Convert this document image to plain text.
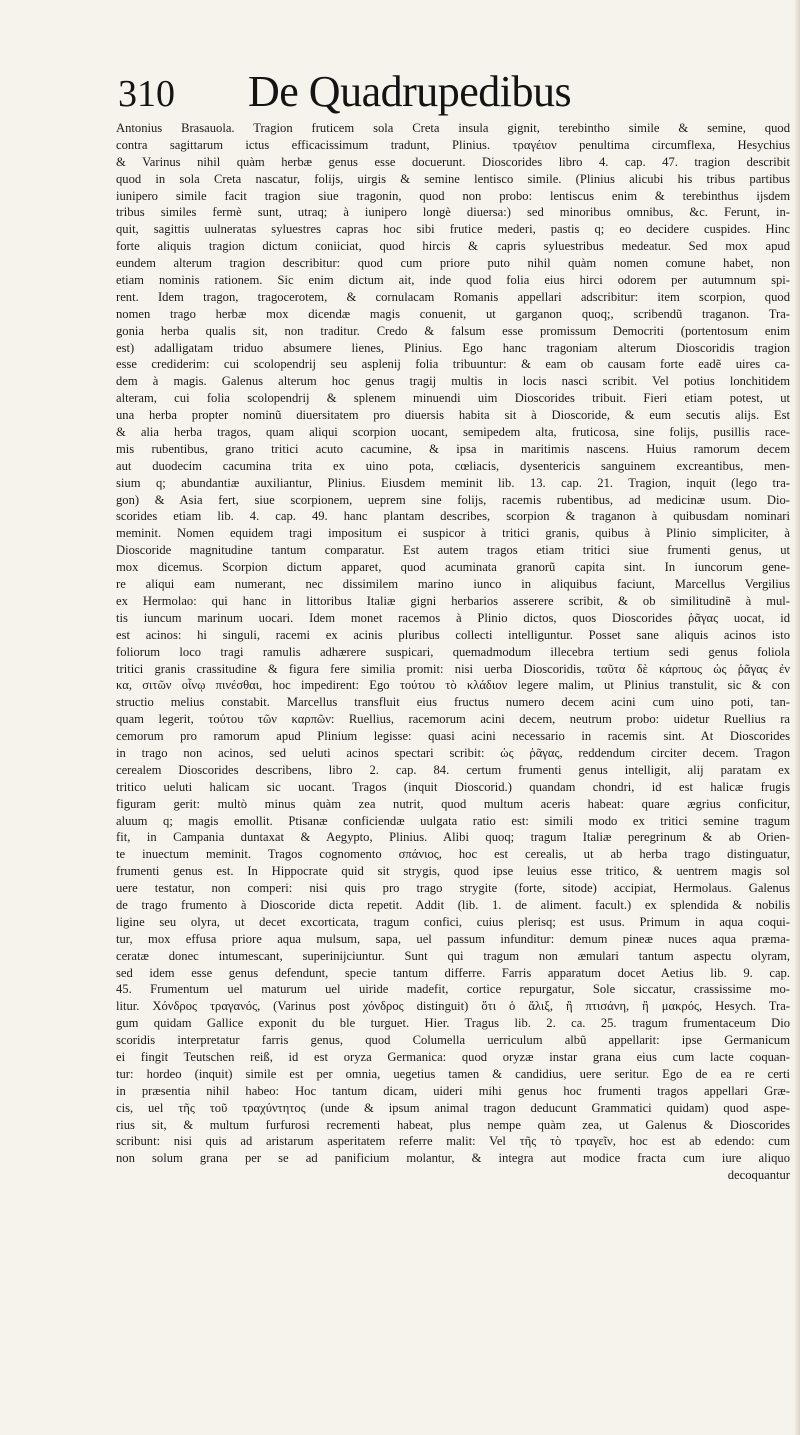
310	De Quadrupedibus
Antonius Brasauola. Tragion fruticem sola Creta insula gignit, terebintho simile & semine, quod
contra sagittarum ictus efficacissimum tradunt, Plinius. τραγέιον penultima circumflexa, Hesychius
& Varinus nihil quàm herbæ genus esse docuerunt. Dioscorides libro 4. cap. 47. tragion describit
quod in sola Creta nascatur, folijs, uirgis & semine lentisco simile. (Plinius alicubi his tribus partibus
iunipero simile facit tragion siue tragonin, quod non probo: lentiscus enim & terebinthus ijsdem
tribus similes fermè sunt, utraq; à iunipero longè diuersa:) sed minoribus omnibus, &c. Ferunt, in-
quit, sagittis uulneratas syluestres capras hoc sibi frutice mederi, pastis q; eo decidere cuspides. Hinc
forte aliquis tragion dictum coniiciat, quod hircis & capris syluestribus medeatur. Sed mox apud
eundem alterum tragion describitur: quod cum priore puto nihil quàm nomen comune habet, non
etiam nominis rationem. Sic enim dictum ait, inde quod folia eius hirci odorem per autumnum spi-
rent. Idem tragon, tragocerotem, & cornulacam Romanis appellari adscribitur: item scorpion, quod
nomen trago herbæ mox dicendæ magis conuenit, ut garganon quoq;, scribendũ traganon. Tra-
gonia herba qualis sit, non traditur. Credo & falsum esse promissum Democriti (portentosum enim
est) adalligatam triduo absumere lienes, Plinius. Ego hanc tragoniam alterum Dioscoridis tragion
esse crediderim: cui scolopendrij seu asplenij folia tribuuntur: & eam ob causam forte eadẽ uires ca-
dem à magis. Galenus alterum hoc genus tragij multis in locis nasci scribit. Vel potius lonchitidem
alteram, cui folia scolopendrij & splenem minuendi uim Dioscorides tribuit. Fieri etiam potest, ut
una herba propter nominũ diuersitatem pro diuersis habita sit à Dioscoride, & eum secutis alijs. Est
& alia herba tragos, quam aliqui scorpion uocant, semipedem alta, fruticosa, sine folijs, pusillis race-
mis rubentibus, grano tritici acuto cacumine, & ipsa in maritimis nascens. Huius ramorum decem
aut duodecim cacumina trita ex uino pota, cœliacis, dysentericis sanguinem excreantibus, men-
sium q; abundantiæ auxiliantur, Plinius. Eiusdem meminit lib. 13. cap. 21. Tragion, inquit (lego tra-
gon) & Asia fert, siue scorpionem, ueprem sine folijs, racemis rubentibus, ad medicinæ usum. Dio-
scorides etiam lib. 4. cap. 49. hanc plantam describes, scorpion & traganon à quibusdam nominari
meminit. Nomen equidem tragi impositum ei suspicor à tritici granis, quibus à Plinio simpliciter, à
Dioscoride magnitudine tantum comparatur. Est autem tragos etiam tritici siue frumenti genus, ut
mox dicemus. Scorpion dictum apparet, quod acuminata granorũ capita sint. In iuncorum gene-
re aliqui eam numerant, nec dissimilem marino iunco in aliquibus faciunt, Marcellus Vergilius
ex Hermolao: qui hanc in littoribus Italiæ gigni herbarios asserere scribit, & ob similitudinẽ à mul-
tis iuncum marinum uocari. Idem monet racemos à Plinio dictos, quos Dioscorides ῥᾶγας uocat, id
est acinos: hi singuli, racemi ex acinis pluribus collecti intelliguntur. Posset sane aliquis acinos isto
foliorum loco tragi ramulis adhærere suspicari, quemadmodum illecebra tertium sedi genus foliola
tritici granis crassitudine & figura fere similia promit: nisi uerba Dioscoridis, ταῦτα δὲ κάρπους ὡς ῥᾶγας ἐν
κα, σιτῶν οἶνῳ πινέσθαι, hoc impedirent: Ego τούτου τὸ κλάδιον legere malim, ut Plinius transtulit, sic & con
structio melius constabit. Marcellus transfluit eius fructus numero decem acini cum uino poti, tan-
quam legerit, τούτου τῶν καρπῶν: Ruellius, racemorum acini decem, neutrum probo: uidetur Ruellius ra
cemorum pro ramorum apud Plinium legisse: quasi acini necessario in racemis sint. At Dioscorides
in trago non acinos, sed ueluti acinos spectari scribit: ὡς ῥᾶγας, reddendum circiter decem. Tragon
cerealem Dioscorides describens, libro 2. cap. 84. certum frumenti genus intelligit, alij paratam ex
tritico ueluti halicam sic uocant. Tragos (inquit Dioscorid.) quandam chondri, id est halicæ frugis
figuram gerit: multò minus quàm zea nutrit, quod multum aceris habeat: quare ægrius conficitur,
aluum q; magis emollit. Ptisanæ conficiendæ uulgata ratio est: simili modo ex tritici semine tragum
fit, in Campania duntaxat & Aegypto, Plinius. Alibi quoq; tragum Italiæ peregrinum & ab Orien-
te inuectum meminit. Tragos cognomento σπάνιος, hoc est cerealis, ut ab herba trago distinguatur,
frumenti genus est. In Hippocrate quid sit strygis, quod ipse leuius esse tritico, & uentrem magis sol
uere testatur, non comperi: nisi quis pro trago strygite (forte, sitode) accipiat, Hermolaus. Galenus
de trago frumento à Dioscoride dicta repetit. Addit (lib. 1. de aliment. facult.) ex splendida & nobilis
ligine seu olyra, ut decet excorticata, tragum confici, cuius plerisq; est usus. Primum in aqua coqui-
tur, mox effusa priore aqua mulsum, sapa, uel passum infunditur: demum pineæ nuces aqua præma-
ceratæ donec intumescant, superinijciuntur. Sunt qui tragum non æmulari tantum aspectu olyram,
sed idem esse genus defendunt, specie tantum differre. Farris apparatum docet Aetius lib. 9. cap.
45. Frumentum uel maturum uel uiride madefit, cortice repurgatur, Sole siccatur, crassissime mo-
litur. Χόνδρος τραγανός, (Varinus post χόνδρος distinguit) ὅτι ὁ ἄλιξ, ἢ πτισάνη, ἢ μακρός, Hesych. Tra-
gum quidam Gallice exponit du ble turguet. Hier. Tragus lib. 2. ca. 25. tragum frumentaceum Dio
scoridis interpretatur farris genus, quod Columella uerriculum albũ appellarit: ipse Germanicum
ei fingit Teutschen reiß, id est oryza Germanica: quod oryzæ instar grana eius cum lacte coquan-
tur: hordeo (inquit) simile est per omnia, uegetius tamen & candidius, uere seritur. Ego de ea re certi
in præsentia nihil habeo: Hoc tantum dicam, uideri mihi genus hoc frumenti tragos appellari Græ-
cis, uel τῆς τοῦ τραχύντητος (unde & ipsum animal tragon deducunt Grammatici quidam) quod aspe-
rius sit, & multum furfurosi recrementi habeat, plus nempe quàm zea, ut Galenus & Dioscorides
scribunt: nisi quis ad aristarum asperitatem referre malit: Vel τῆς τὸ τραγεῖν, hoc est ab edendo: cum
non solum grana per se ad panificium molantur, & integra aut modice fracta cum iure aliquo
decoquantur
